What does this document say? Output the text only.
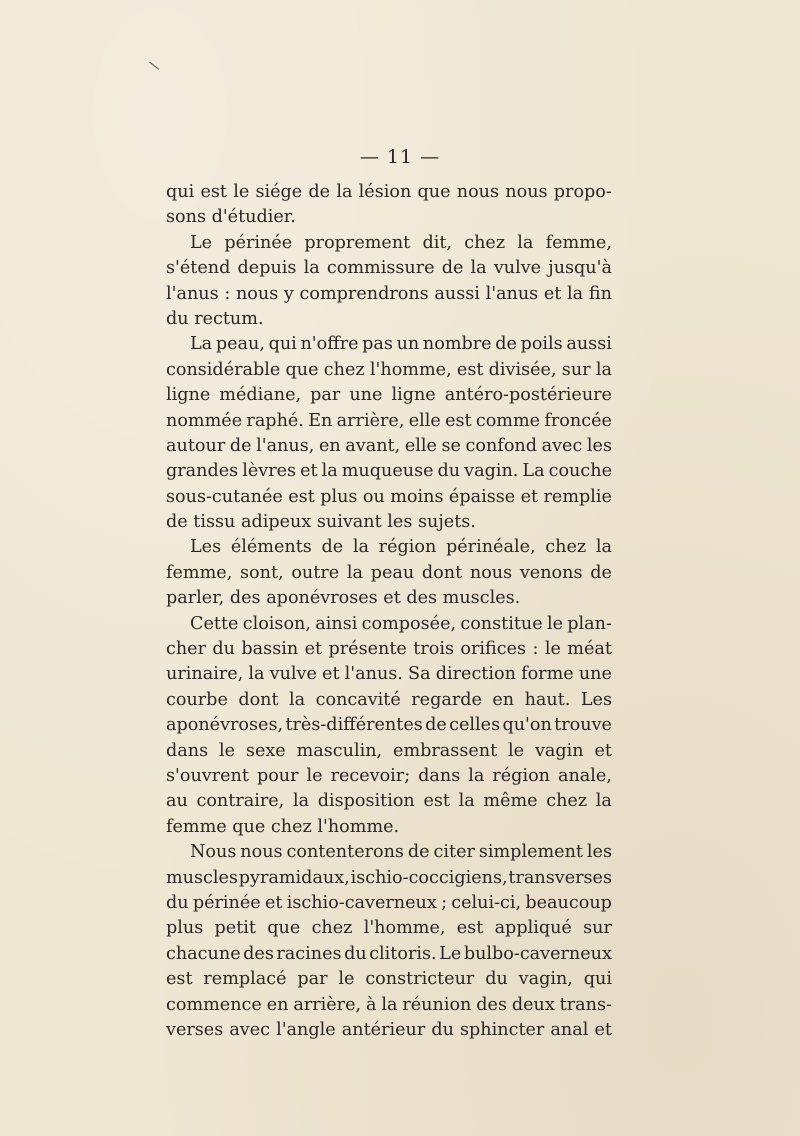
\
— 11 —
qui est le siége de la lésion que nous nous propo-
sons
d'étudier.
Le périnée proprement dit, chez la femme,
s'étend depuis la commissure de la vulve jusqu'à
l'anus : nous y comprendrons aussi l'anus et la fin
du
rectum.
La peau, qui n'offre pas un nombre de poils aussi
considérable que chez l'homme, est divisée, sur la
ligne médiane, par une ligne antéro-postérieure
nommée raphé. En arrière, elle est comme froncée
autour de l'anus, en avant, elle se confond avec les
grandes lèvres et la muqueuse du vagin. La couche
sous-cutanée est plus ou moins épaisse et remplie
de
tissu
adipeux
suivant
les
sujets.
Les éléments de la région périnéale, chez la
femme, sont, outre la peau dont nous venons de
parler,
des
aponévroses
et
des
muscles.
Cette cloison, ainsi composée, constitue le plan-
cher du bassin et présente trois orifices : le méat
urinaire, la vulve et l'anus. Sa direction forme une
courbe dont la concavité regarde en haut. Les
aponévroses, très-différentes de celles qu'on trouve
dans le sexe masculin, embrassent le vagin et
s'ouvrent pour le recevoir; dans la région anale,
au contraire, la disposition est la même chez la
femme
que
chez
l'homme.
Nous nous contenterons de citer simplement les
muscles pyramidaux, ischio-coccigiens, transverses
du périnée et ischio-caverneux ; celui-ci, beaucoup
plus petit que chez l'homme, est appliqué sur
chacune des racines du clitoris. Le bulbo-caverneux
est remplacé par le constricteur du vagin, qui
commence en arrière, à la réunion des deux trans-
verses avec l'angle antérieur du sphincter anal et
